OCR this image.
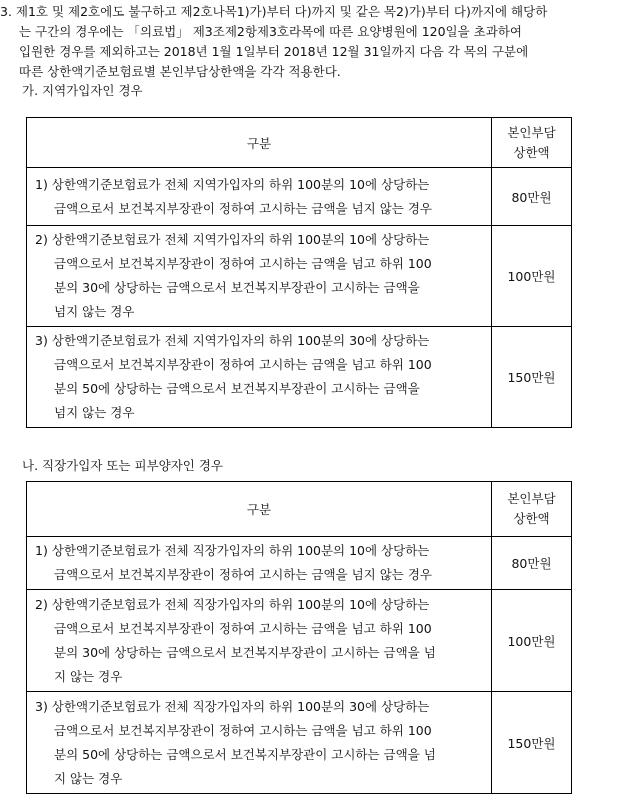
3. 제1호 및 제2호에도 불구하고 제2호나목1)가)부터 다)까지 및 같은 목2)가)부터 다)까지에 해당하
는 구간의 경우에는 「의료법」 제3조제2항제3호라목에 따른 요양병원에 120일을 초과하여
입원한 경우를 제외하고는 2018년 1월 1일부터 2018년 12월 31일까지 다음 각 목의 구분에
따른 상한액기준보험료별 본인부담상한액을 각각 적용한다.
가. 지역가입자인 경우
구분	본인부담
상한액

1) 상한액기준보험료가 전체 지역가입자의 하위 100분의 10에 상당하는
금액으로서 보건복지부장관이 정하여 고시하는 금액을 넘지 않는 경우	80만원

2) 상한액기준보험료가 전체 지역가입자의 하위 100분의 10에 상당하는
금액으로서 보건복지부장관이 정하여 고시하는 금액을 넘고 하위 100
분의 30에 상당하는 금액으로서 보건복지부장관이 고시하는 금액을
넘지 않는 경우	100만원

3) 상한액기준보험료가 전체 지역가입자의 하위 100분의 30에 상당하는
금액으로서 보건복지부장관이 정하여 고시하는 금액을 넘고 하위 100
분의 50에 상당하는 금액으로서 보건복지부장관이 고시하는 금액을
넘지 않는 경우	150만원
나. 직장가입자 또는 피부양자인 경우
구분	본인부담
상한액

1) 상한액기준보험료가 전체 직장가입자의 하위 100분의 10에 상당하는
금액으로서 보건복지부장관이 정하여 고시하는 금액을 넘지 않는 경우	80만원

2) 상한액기준보험료가 전체 직장가입자의 하위 100분의 10에 상당하는
금액으로서 보건복지부장관이 정하여 고시하는 금액을 넘고 하위 100
분의 30에 상당하는 금액으로서 보건복지부장관이 고시하는 금액을 넘
지 않는 경우	100만원

3) 상한액기준보험료가 전체 직장가입자의 하위 100분의 30에 상당하는
금액으로서 보건복지부장관이 정하여 고시하는 금액을 넘고 하위 100
분의 50에 상당하는 금액으로서 보건복지부장관이 고시하는 금액을 넘
지 않는 경우	150만원
